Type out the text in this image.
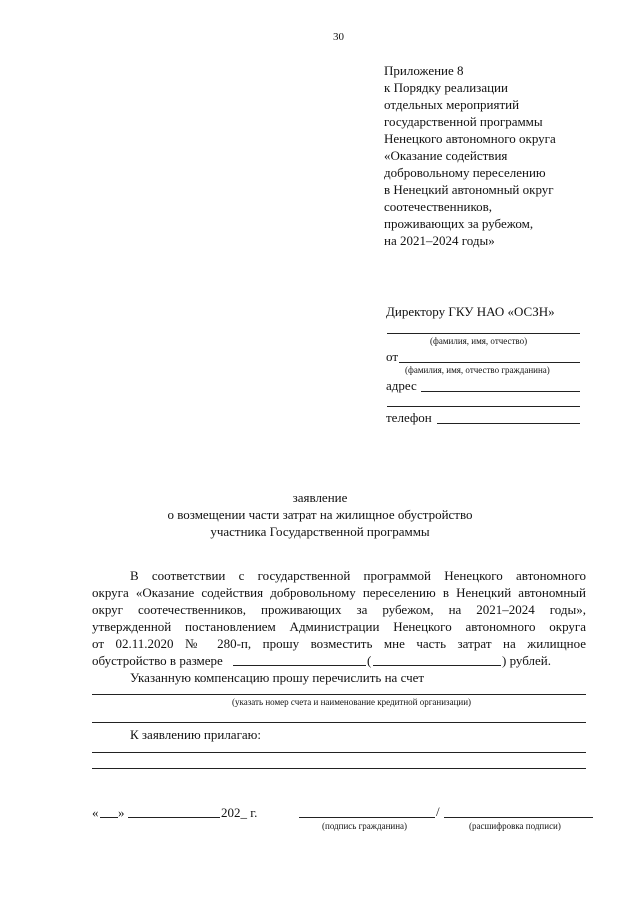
30
Приложение 8
к Порядку реализации
отдельных мероприятий
государственной программы
Ненецкого автономного округа
«Оказание содействия
добровольному переселению
в Ненецкий автономный округ
соотечественников,
проживающих за рубежом,
на 2021–2024 годы»
Директору ГКУ НАО «ОСЗН»
(фамилия, имя, отчество)
от
(фамилия, имя, отчество гражданина)
адрес
телефон
заявление
о возмещении части затрат на жилищное обустройство
участника Государственной программы
В соответствии с государственной программой Ненецкого автономного
округа «Оказание содействия добровольному переселению в Ненецкий автономный
округ соотечественников, проживающих за рубежом, на 2021–2024 годы»,
утвержденной постановлением Администрации Ненецкого автономного округа
от 02.11.2020 № 280-п, прошу возместить мне часть затрат на жилищное
обустройство в размере	(	) рублей.
Указанную компенсацию прошу перечислить на счет
(указать номер счета и наименование кредитной организации)
К заявлению прилагаю:
« »	202_ г.	/
(подпись гражданина)	(расшифровка подписи)
